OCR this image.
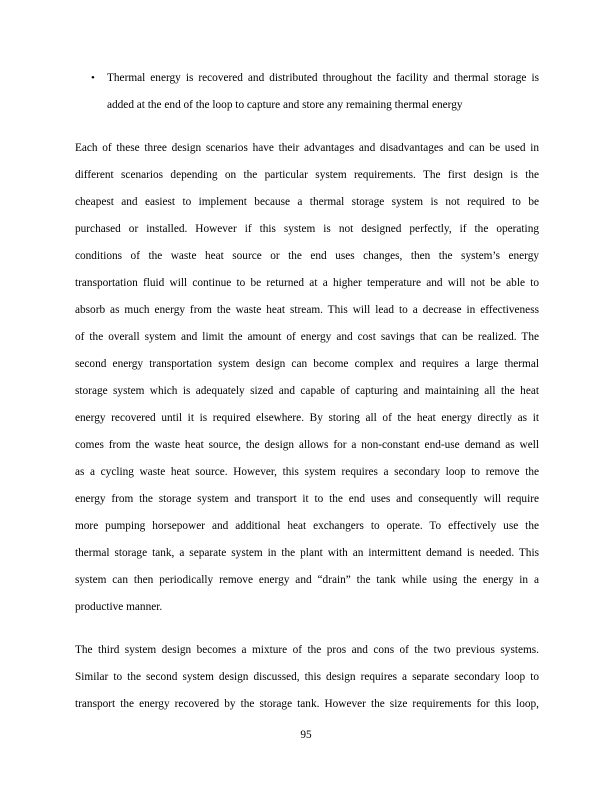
• Thermal energy is recovered and distributed throughout the facility and thermal storage is
added at the end of the loop to capture and store any remaining thermal energy
Each of these three design scenarios have their advantages and disadvantages and can be used in
different scenarios depending on the particular system requirements. The first design is the
cheapest and easiest to implement because a thermal storage system is not required to be
purchased or installed. However if this system is not designed perfectly, if the operating
conditions of the waste heat source or the end uses changes, then the system’s energy
transportation fluid will continue to be returned at a higher temperature and will not be able to
absorb as much energy from the waste heat stream. This will lead to a decrease in effectiveness
of the overall system and limit the amount of energy and cost savings that can be realized. The
second energy transportation system design can become complex and requires a large thermal
storage system which is adequately sized and capable of capturing and maintaining all the heat
energy recovered until it is required elsewhere. By storing all of the heat energy directly as it
comes from the waste heat source, the design allows for a non-constant end-use demand as well
as a cycling waste heat source. However, this system requires a secondary loop to remove the
energy from the storage system and transport it to the end uses and consequently will require
more pumping horsepower and additional heat exchangers to operate. To effectively use the
thermal storage tank, a separate system in the plant with an intermittent demand is needed. This
system can then periodically remove energy and “drain” the tank while using the energy in a
productive manner.
The third system design becomes a mixture of the pros and cons of the two previous systems.
Similar to the second system design discussed, this design requires a separate secondary loop to
transport the energy recovered by the storage tank. However the size requirements for this loop,
95
